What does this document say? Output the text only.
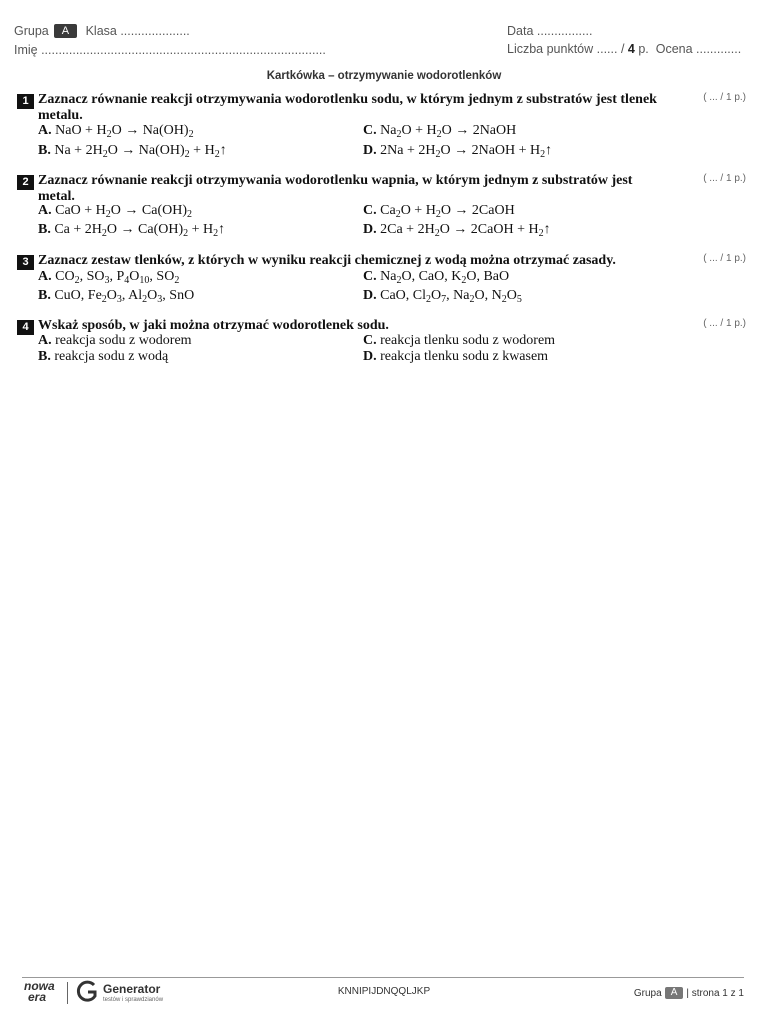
Grupa A Klasa ....................
Imię ..................................................................................
Data ................
Liczba punktów ...... / 4 p. Ocena .............
Kartkówka – otrzymywanie wodorotlenków
1 Zaznacz równanie reakcji otrzymywania wodorotlenku sodu, w którym jednym z substratów jest tlenek metalu.
( ... / 1 p.)
A. NaO + $H_2O \to Na(OH)_2$	C. $Na_2O + H_2O$ → 2NaOH
B. $Na + 2H_2O \to Na(OH)_2$ + $H_2↑$	D. $2Na + 2H_2O$ → 2NaOH + $H_2↑$
2 Zaznacz równanie reakcji otrzymywania wodorotlenku wapnia, w którym jednym z substratów jest metal.
( ... / 1 p.)
A. CaO + $H_2O \to Ca(OH)_2$	C. $Ca_2O + H_2O$ → 2CaOH
B. $Ca + 2H_2O \to Ca(OH)_2$ + $H_2↑$	D. $2Ca + 2H_2O$ → 2CaOH + $H_2↑$
3 Zaznacz zestaw tlenków, z których w wyniku reakcji chemicznej z wodą można otrzymać zasady.	( ... / 1 p.)
A. $CO_2$, $SO_3$, $P_4O_{10}$, $SO_2$	C. $Na_2O$, CaO, $K_2O$, BaO
B. CuO, $Fe_2O_3$, $Al_2O_3$, SnO	D. CaO, $Cl_2O_7$, $Na_2O$, $N_2O_5$
4 Wskaż sposób, w jaki można otrzymać wodorotlenek sodu.	( ... / 1 p.)
A. reakcja sodu z wodorem	C. reakcja tlenku sodu z wodorem
B. reakcja sodu z wodą	D. reakcja tlenku sodu z kwasem
nowa
era
Generator
testów i sprawdzianów
KNNIPIJDNQQLJKP	Grupa A | strona 1 z 1
